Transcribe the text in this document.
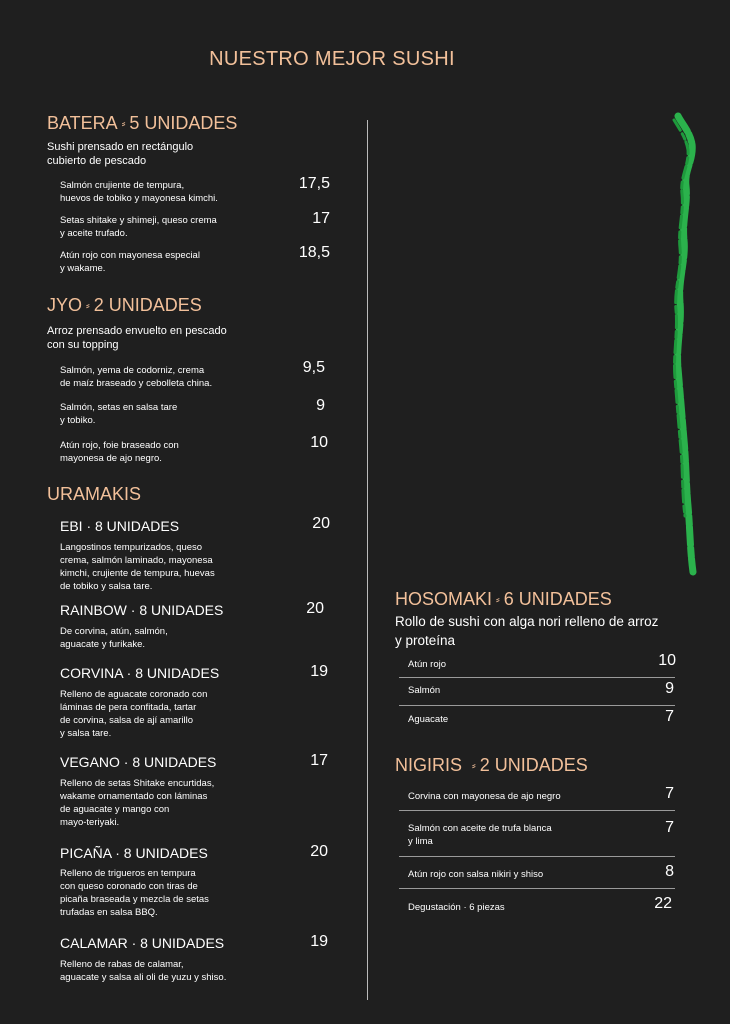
NUESTRO MEJOR SUSHI
BATERA ⸗ 5 UNIDADES
Sushi prensado en rectángulo
cubierto de pescado
Salmón crujiente de tempura,
huevos de tobiko y mayonesa kimchi.
17,5
Setas shitake y shimeji, queso crema
y aceite trufado.
17
Atún rojo con mayonesa especial
y wakame.
18,5
JYO ⸗ 2 UNIDADES
Arroz prensado envuelto en pescado
con su topping
Salmón, yema de codorniz, crema
de maíz braseado y cebolleta china.
9,5
Salmón, setas en salsa tare
y tobiko.
9
Atún rojo, foie braseado con
mayonesa de ajo negro.
10
URAMAKIS
EBI · 8 UNIDADES	20
Langostinos tempurizados, queso
crema, salmón laminado, mayonesa
kimchi, crujiente de tempura, huevas
de tobiko y salsa tare.
RAINBOW · 8 UNIDADES	20
De corvina, atún, salmón,
aguacate y furikake.
CORVINA · 8 UNIDADES	19
Relleno de aguacate coronado con
láminas de pera confitada, tartar
de corvina, salsa de ají amarillo
y salsa tare.
VEGANO · 8 UNIDADES	17
Relleno de setas Shitake encurtidas,
wakame ornamentado con láminas
de aguacate y mango con
mayo-teriyaki.
PICAÑA · 8 UNIDADES	20
Relleno de trigueros en tempura
con queso coronado con tiras de
picaña braseada y mezcla de setas
trufadas en salsa BBQ.
CALAMAR · 8 UNIDADES	19
Relleno de rabas de calamar,
aguacate y salsa ali oli de yuzu y shiso.
HOSOMAKI ⸗ 6 UNIDADES
Rollo de sushi con alga nori relleno de arroz
y proteína
Atún rojo	10
Salmón	9
Aguacate	7
NIGIRIS ⸗ 2 UNIDADES
Corvina con mayonesa de ajo negro	7
Salmón con aceite de trufa blanca
y lima
7
Atún rojo con salsa nikiri y shiso	8
Degustación · 6 piezas	22
